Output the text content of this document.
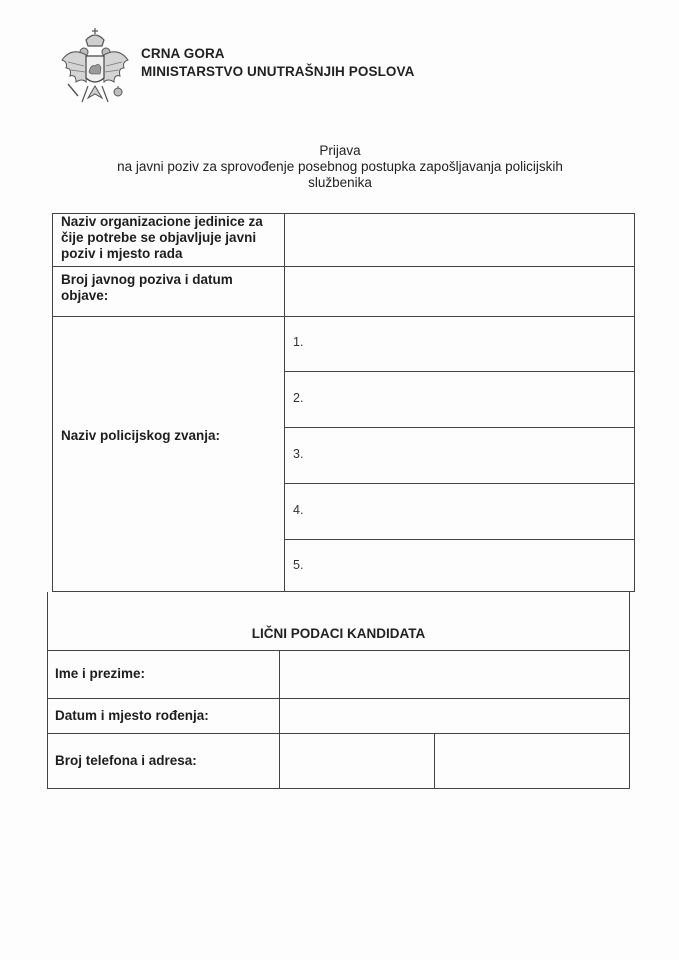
CRNA GORA
MINISTARSTVO UNUTRAŠNJIH POSLOVA
Prijava
na javni poziv za sprovođenje posebnog postupka zapošljavanja policijskih
službenika
Naziv organizacione jedinice za
čije potrebe se objavljuje javni
poziv i mjesto rada
Broj javnog poziva i datum
objave:
Naziv policijskog zvanja:
1.
2.
3.
4.
5.
LIČNI PODACI KANDIDATA
Ime i prezime:
Datum i mjesto rođenja:
Broj telefona i adresa:
